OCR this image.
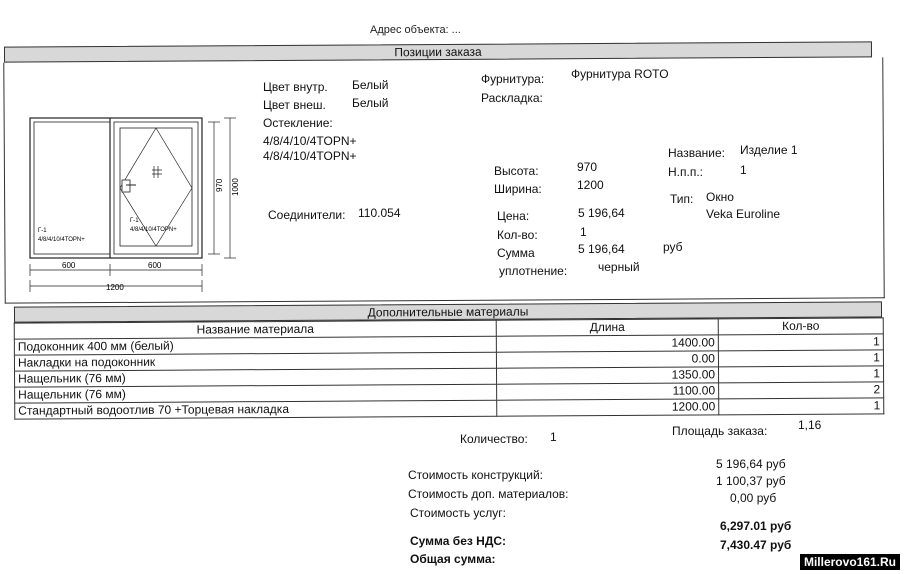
Адрес объекта: ...
Позиции заказа
Г-1
4/8/4/10/4TOPN+
Г-1
4/8/4/10/4TOPN+
970 1000
600	600
1200
Цвет внутр. Белый
Цвет внеш. Белый
Остекление:
4/8/4/10/4TOPN+
4/8/4/10/4TOPN+
Соединители: 110.054
Фурнитура: Фурнитура ROTO
Раскладка:
Высота:	970
Ширина:	1200
Цена:	5 196,64
Кол-во:	1
Сумма	5 196,64	руб
уплотнение:	черный
Название: Изделие 1
Н.п.п.:	1
Тип: Окно
Veka Euroline
Дополнительные материалы
Название материала	Длина	Кол-во
Подоконник 400 мм (белый)	1400.00	1
Накладки на подоконник	0.00	1
Нащельник (76 мм)	1350.00	1
Нащельник (76 мм)	1100.00	2
Стандартный водоотлив 70 +Торцевая накладка	1200.00	1
Количество: 1	Площадь заказа:	1,16
Стоимость конструкций:
5 196,64 руб
Стоимость доп. материалов:
1 100,37 руб
Стоимость услуг:
0,00 руб
Сумма без НДС:
6,297.01 руб
Общая сумма:
7,430.47 руб
Millerovo161.Ru
